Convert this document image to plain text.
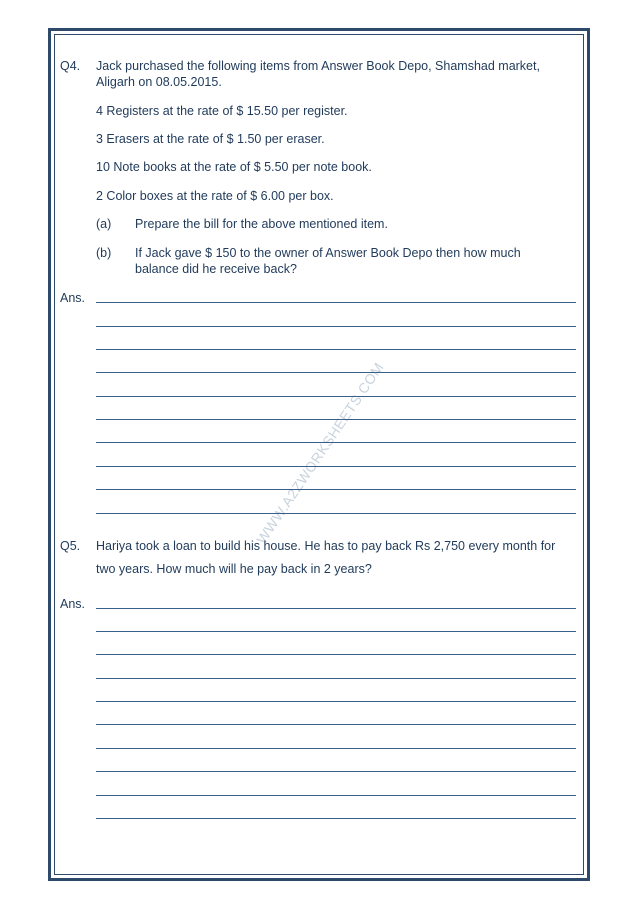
WWW.A2ZWORKSHEETS.COM
Q4. Jack purchased the following items from Answer Book Depo, Shamshad market, Aligarh on 08.05.2015.
4 Registers at the rate of $ 15.50 per register.
3 Erasers at the rate of $ 1.50 per eraser.
10 Note books at the rate of $ 5.50 per note book.
2 Color boxes at the rate of $ 6.00 per box.
(a) Prepare the bill for the above mentioned item.
(b) If Jack gave $ 150 to the owner of Answer Book Depo then how much balance did he receive back?
Ans.
Q5. Hariya took a loan to build his house. He has to pay back Rs 2,750 every month for
two years. How much will he pay back in 2 years?
Ans.
